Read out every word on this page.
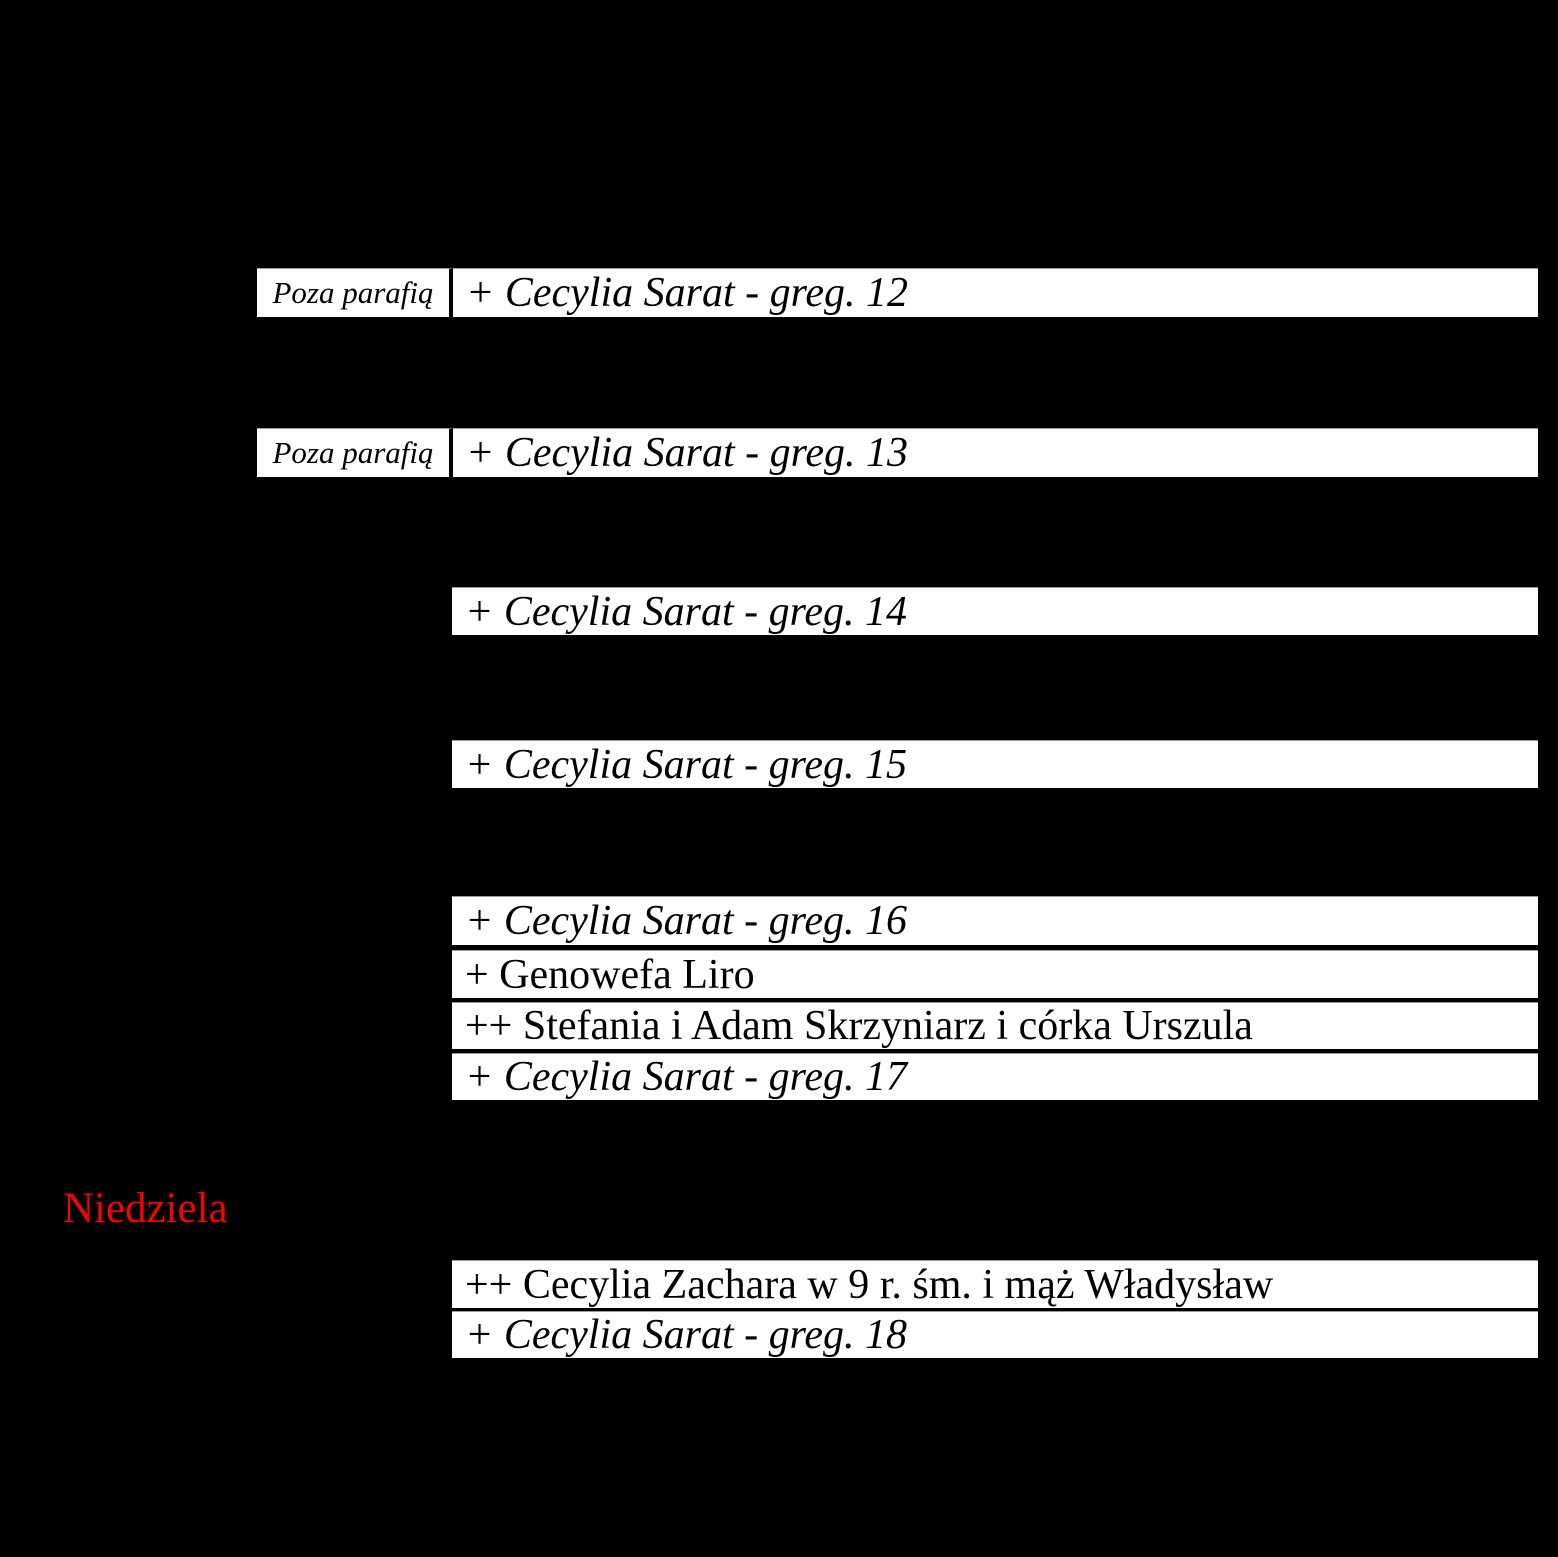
Poza parafią + Cecylia Sarat - greg. 12
Poza parafią + Cecylia Sarat - greg. 13
+ Cecylia Sarat - greg. 14
+ Cecylia Sarat - greg. 15
+ Cecylia Sarat - greg. 16
+ Genowefa Liro
++ Stefania i Adam Skrzyniarz i córka Urszula
+ Cecylia Sarat - greg. 17
Niedziela
++ Cecylia Zachara w 9 r. śm. i mąż Władysław
+ Cecylia Sarat - greg. 18
